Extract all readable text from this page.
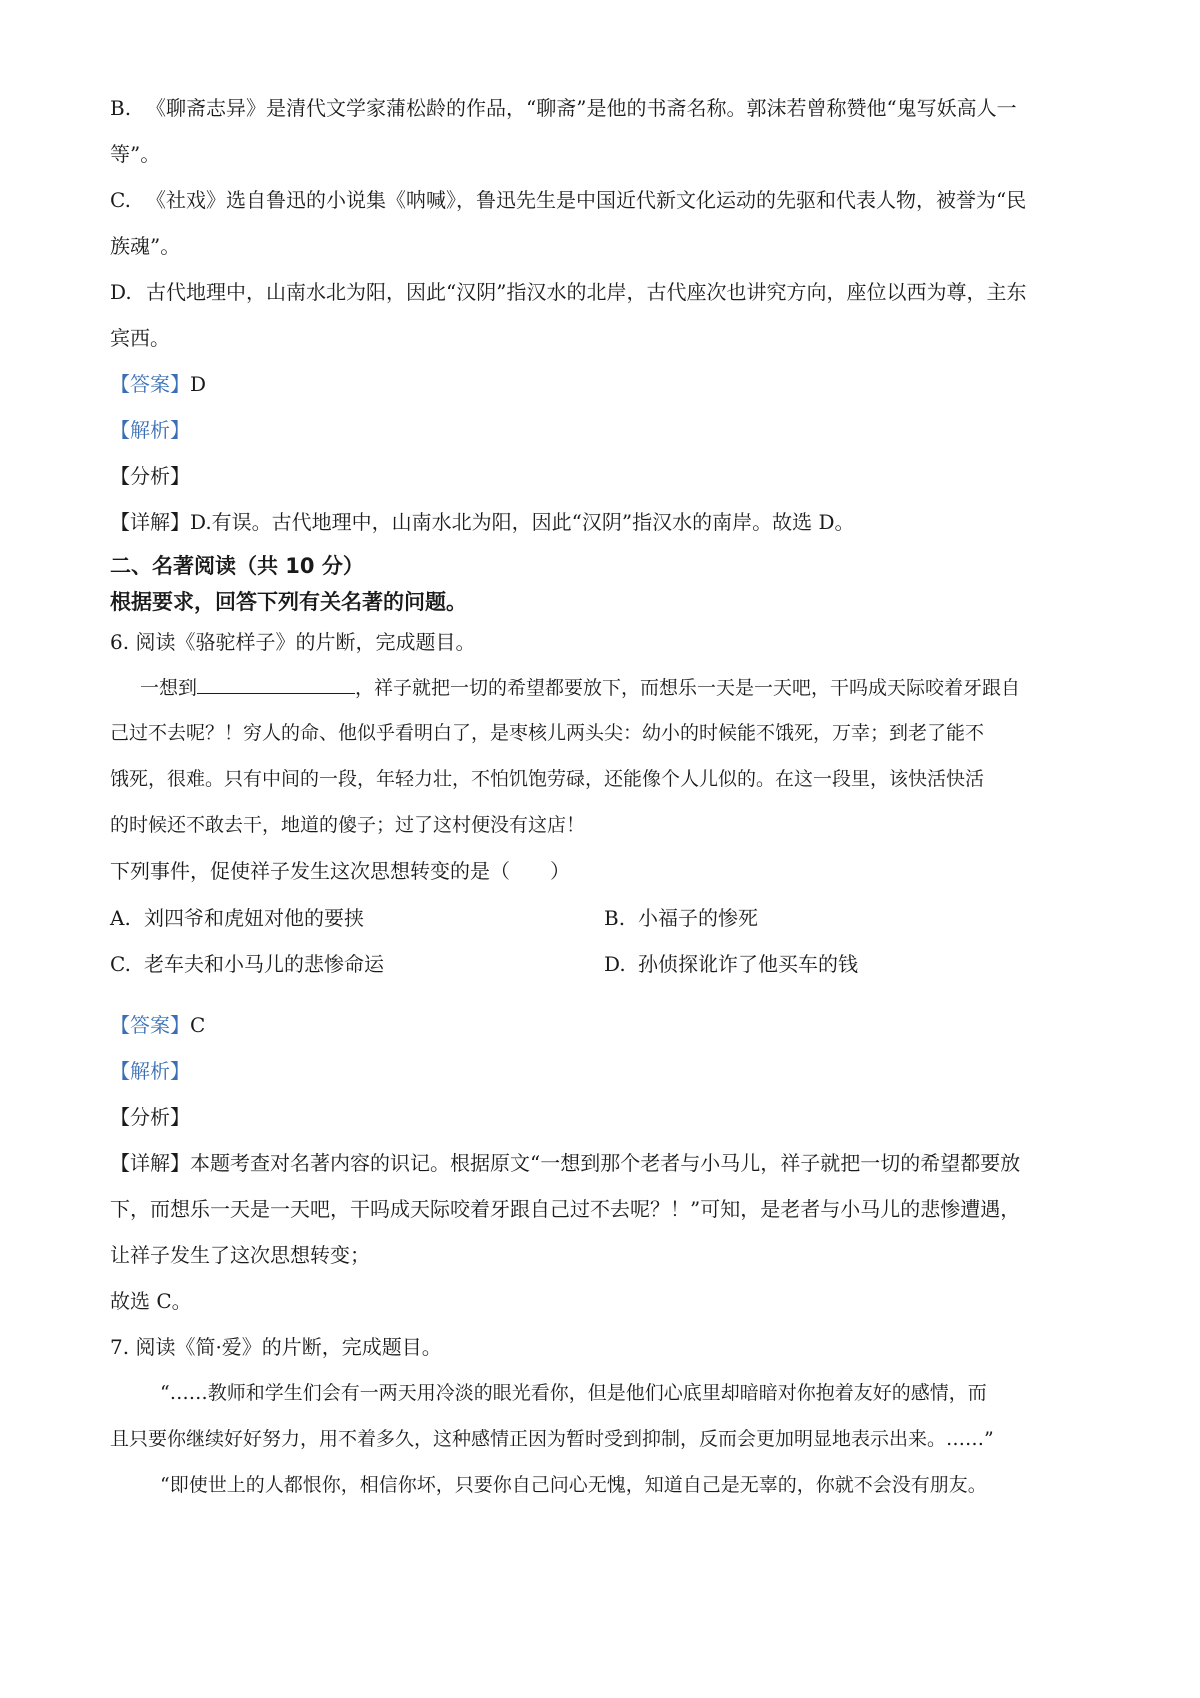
B. 《聊斋志异》是清代文学家蒲松龄的作品，“聊斋”是他的书斋名称。郭沫若曾称赞他“鬼写妖高人一
等”。
C. 《社戏》选自鲁迅的小说集《呐喊》，鲁迅先生是中国近代新文化运动的先驱和代表人物，被誉为“民
族魂”。
D. 古代地理中，山南水北为阳，因此“汉阴”指汉水的北岸，古代座次也讲究方向，座位以西为尊，主东
宾西。
【答案】D
【解析】
【分析】
【详解】D.有误。古代地理中，山南水北为阳，因此“汉阴”指汉水的南岸。故选 D。
二、名著阅读（共 10 分）
根据要求，回答下列有关名著的问题。
6. 阅读《骆驼样子》的片断，完成题目。
一想到	，祥子就把一切的希望都要放下，而想乐一天是一天吧，干吗成天际咬着牙跟自
己过不去呢？！穷人的命、他似乎看明白了，是枣核儿两头尖：幼小的时候能不饿死，万幸；到老了能不
饿死，很难。只有中间的一段，年轻力壮，不怕饥饱劳碌，还能像个人儿似的。在这一段里，该快活快活
的时候还不敢去干，地道的傻子；过了这村便没有这店！
下列事件，促使祥子发生这次思想转变的是（　　）
A. 刘四爷和虎妞对他的要挟	B. 小福子的惨死
C. 老车夫和小马儿的悲惨命运	D. 孙侦探讹诈了他买车的钱
【答案】C
【解析】
【分析】
【详解】本题考查对名著内容的识记。根据原文“一想到那个老者与小马儿，祥子就把一切的希望都要放
下，而想乐一天是一天吧，干吗成天际咬着牙跟自己过不去呢？！”可知，是老者与小马儿的悲惨遭遇，
让祥子发生了这次思想转变；
故选 C。
7. 阅读《简·爱》的片断，完成题目。
“……教师和学生们会有一两天用冷淡的眼光看你，但是他们心底里却暗暗对你抱着友好的感情，而
且只要你继续好好努力，用不着多久，这种感情正因为暂时受到抑制，反而会更加明显地表示出来。……”
“即使世上的人都恨你，相信你坏，只要你自己问心无愧，知道自己是无辜的，你就不会没有朋友。
